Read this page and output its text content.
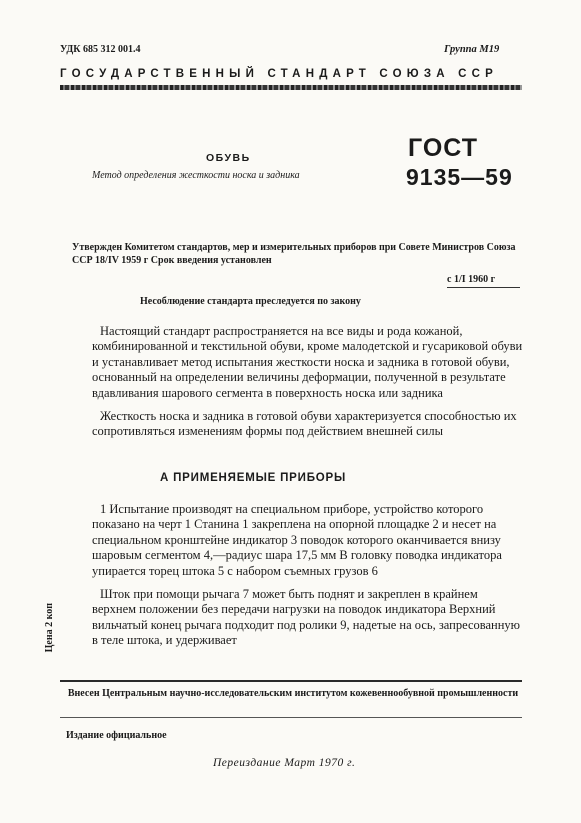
УДК 685 312 001.4	Группа М19
ГОСУДАРСТВЕННЫЙ СТАНДАРТ СОЮЗА ССР
ОБУВЬ
Метод определения жесткости носка и задника
ГОСТ
9135—59
Утвержден Комитетом стандартов, мер и измерительных приборов при Совете Министров Союза ССР 18/IV 1959 г Срок введения установлен
с 1/I 1960 г
Несоблюдение стандарта преследуется по закону

Настоящий стандарт распространяется на все виды и рода кожаной, комбинированной и текстильной обуви, кроме малодетской и гусариковой обуви и устанавливает метод испытания жесткости носка и задника в готовой обуви, основанный на определении величины деформации, полученной в результате вдавливания шарового сегмента в поверхность носка или задника

Жесткость носка и задника в готовой обуви характеризуется способностью их сопротивляться изменениям формы под действием внешней силы

А ПРИМЕНЯЕМЫЕ ПРИБОРЫ

1 Испытание производят на специальном приборе, устройство которого показано на черт 1 Станина 1 закреплена на опорной площадке 2 и несет на специальном кронштейне индикатор 3 поводок которого оканчивается внизу шаровым сегментом 4,—радиус шара 17,5 мм В головку поводка индикатора упирается торец штока 5 с набором съемных грузов 6

Шток при помощи рычага 7 может быть поднят и закреплен в крайнем верхнем положении без передачи нагрузки на поводок индикатора Верхний вильчатый конец рычага подходит под ролики 9, надетые на ось, запресованную в теле штока, и удерживает

Цена 2 коп
Внесен Центральным научно-исследовательским институтом кожевеннообувной промышленности
Издание официальное
Переиздание Март 1970 г.
